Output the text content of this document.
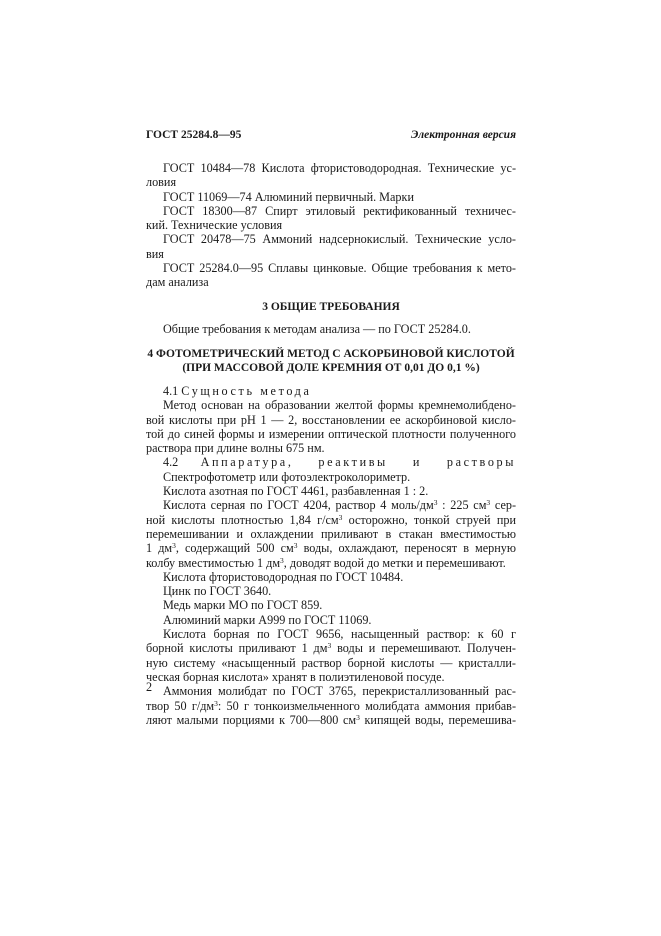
ГОСТ 25284.8—95	Электронная версия

ГОСТ 10484—78 Кислота фтористоводородная. Технические ус-

ловия

ГОСТ 11069—74 Алюминий первичный. Марки

ГОСТ 18300—87 Спирт этиловый ректификованный техничес-

кий. Технические условия

ГОСТ 20478—75 Аммоний надсернокислый. Технические усло-

вия

ГОСТ 25284.0—95 Сплавы цинковые. Общие требования к мето-

дам анализа

3 ОБЩИЕ ТРЕБОВАНИЯ

Общие требования к методам анализа — по ГОСТ 25284.0.

4 ФОТОМЕТРИЧЕСКИЙ МЕТОД С АСКОРБИНОВОЙ КИСЛОТОЙ
(ПРИ МАССОВОЙ ДОЛЕ КРЕМНИЯ ОТ 0,01 ДО 0,1 %)

4.1 Сущность метода

Метод основан на образовании желтой формы кремнемолибдено-

вой кислоты при pH 1 — 2, восстановлении ее аскорбиновой кисло-

той до синей формы и измерении оптической плотности полученного

раствора при длине волны 675 нм.

4.2 Аппаратура, реактивы и растворы

Спектрофотометр или фотоэлектроколориметр.

Кислота азотная по ГОСТ 4461, разбавленная 1 : 2.

Кислота серная по ГОСТ 4204, раствор 4 моль/$дм^3$ : 225 $см^3$ сер-

ной кислоты плотностью 1,84 $г/см^3$ осторожно, тонкой струей при

перемешивании и охлаждении приливают в стакан вместимостью

1 $дм^3$, содержащий 500 $см^3$ воды, охлаждают, переносят в мерную

колбу вместимостью 1 $дм^3$, доводят водой до метки и перемешивают.

Кислота фтористоводородная по ГОСТ 10484.

Цинк по ГОСТ 3640.

Медь марки МО по ГОСТ 859.

Алюминий марки А999 по ГОСТ 11069.

Кислота борная по ГОСТ 9656, насыщенный раствор: к 60 г

борной кислоты приливают 1 $дм^3$ воды и перемешивают. Получен-

ную систему «насыщенный раствор борной кислоты — кристалли-

ческая борная кислота» хранят в полиэтиленовой посуде.

Аммония молибдат по ГОСТ 3765, перекристаллизованный рас-

твор 50 $г/дм^3$: 50 г тонкоизмельченного молибдата аммония прибав-

ляют малыми порциями к 700—800 $см^3$ кипящей воды, перемешива-

2
